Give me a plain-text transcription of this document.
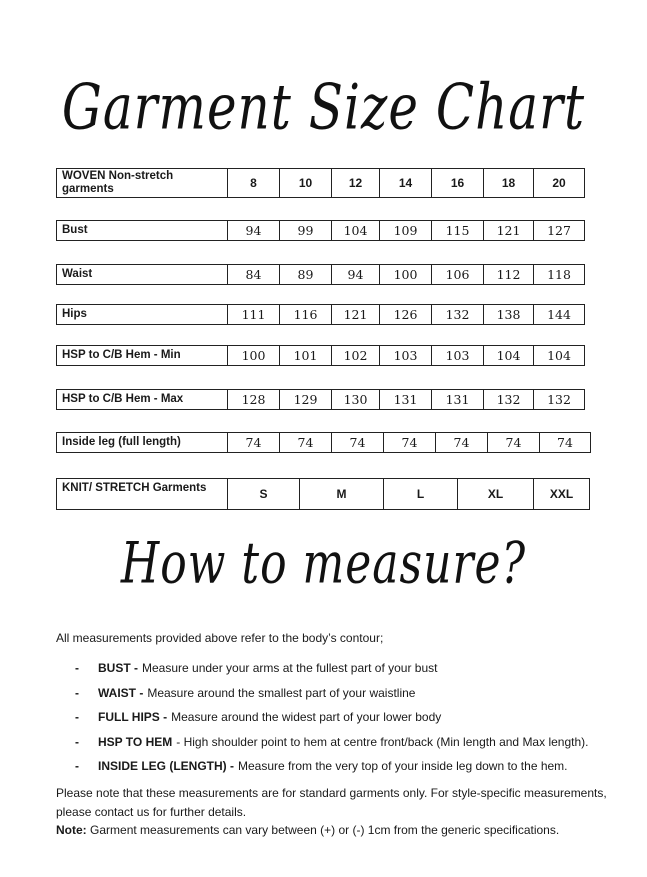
Garment Size Chart
WOVEN Non-stretch garments	8	10	12	14	16	18	20
Bust	94	99	104	109	115	121	127
Waist	84	89	94	100	106	112	118
Hips	111	116	121	126	132	138	144
HSP to C/B Hem - Min	100	101	102	103	103	104	104
HSP to C/B Hem - Max	128	129	130	131	131	132	132
Inside leg (full length)	74	74	74	74	74	74	74
KNIT/ STRETCH Garments	S	M	L	XL	XXL
How to measure?
All measurements provided above refer to the body’s contour;
-	BUST - Measure under your arms at the fullest part of your bust
-	WAIST - Measure around the smallest part of your waistline
-	FULL HIPS - Measure around the widest part of your lower body
-	HSP TO HEM - High shoulder point to hem at centre front/back (Min length and Max length).
-	INSIDE LEG (LENGTH) - Measure from the very top of your inside leg down to the hem.
Please note that these measurements are for standard garments only. For style-specific measurements, please contact us for further details.
Note: Garment measurements can vary between (+) or (-) 1cm from the generic specifications.
